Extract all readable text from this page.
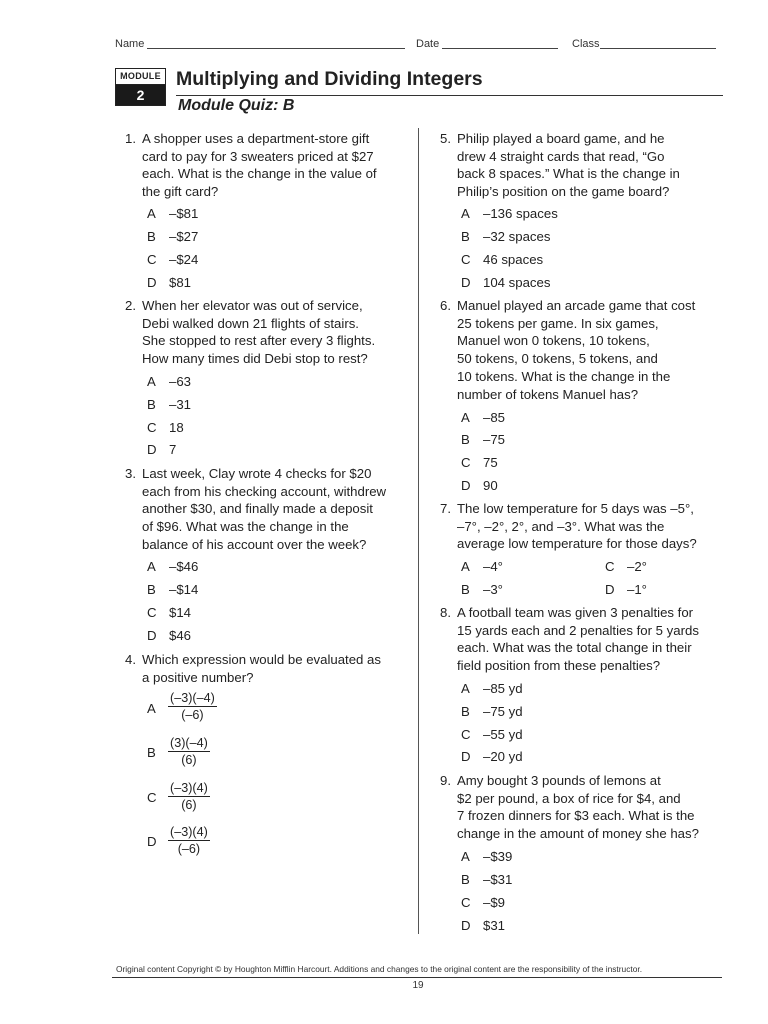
Name	Date	Class
MODULE
2
Multiplying and Dividing Integers
Module Quiz: B
1. A shopper uses a department-store gift
card to pay for 3 sweaters priced at $27
each. What is the change in the value of
the gift card?
A –$81
B –$27
C –$24
D $81
2. When her elevator was out of service,
Debi walked down 21 flights of stairs.
She stopped to rest after every 3 flights.
How many times did Debi stop to rest?
A –63
B –31
C 18
D 7
3. Last week, Clay wrote 4 checks for $20
each from his checking account, withdrew
another $30, and finally made a deposit
of $96. What was the change in the
balance of his account over the week?
A –$46
B –$14
C $14
D $46
4. Which expression would be evaluated as
a positive number?
A $\frac{(-3)(-4)}{(-6)}$
B $\frac{(3)(-4)}{(6)}$
C $\frac{(-3)(4)}{(6)}$
D $\frac{(-3)(4)}{(-6)}$
5. Philip played a board game, and he
drew 4 straight cards that read, “Go
back 8 spaces.” What is the change in
Philip’s position on the game board?
A –136 spaces
B –32 spaces
C 46 spaces
D 104 spaces
6. Manuel played an arcade game that cost
25 tokens per game. In six games,
Manuel won 0 tokens, 10 tokens,
50 tokens, 0 tokens, 5 tokens, and
10 tokens. What is the change in the
number of tokens Manuel has?
A –85
B –75
C 75
D 90
7. The low temperature for 5 days was –5°,
–7°, –2°, 2°, and –3°. What was the
average low temperature for those days?
A –4°	C –2°
B –3°	D –1°
8. A football team was given 3 penalties for
15 yards each and 2 penalties for 5 yards
each. What was the total change in their
field position from these penalties?
A –85 yd
B –75 yd
C –55 yd
D –20 yd
9. Amy bought 3 pounds of lemons at
$2 per pound, a box of rice for $4, and
7 frozen dinners for $3 each. What is the
change in the amount of money she has?
A –$39
B –$31
C –$9
D $31
Original content Copyright © by Houghton Mifflin Harcourt. Additions and changes to the original content are the responsibility of the instructor.
19
